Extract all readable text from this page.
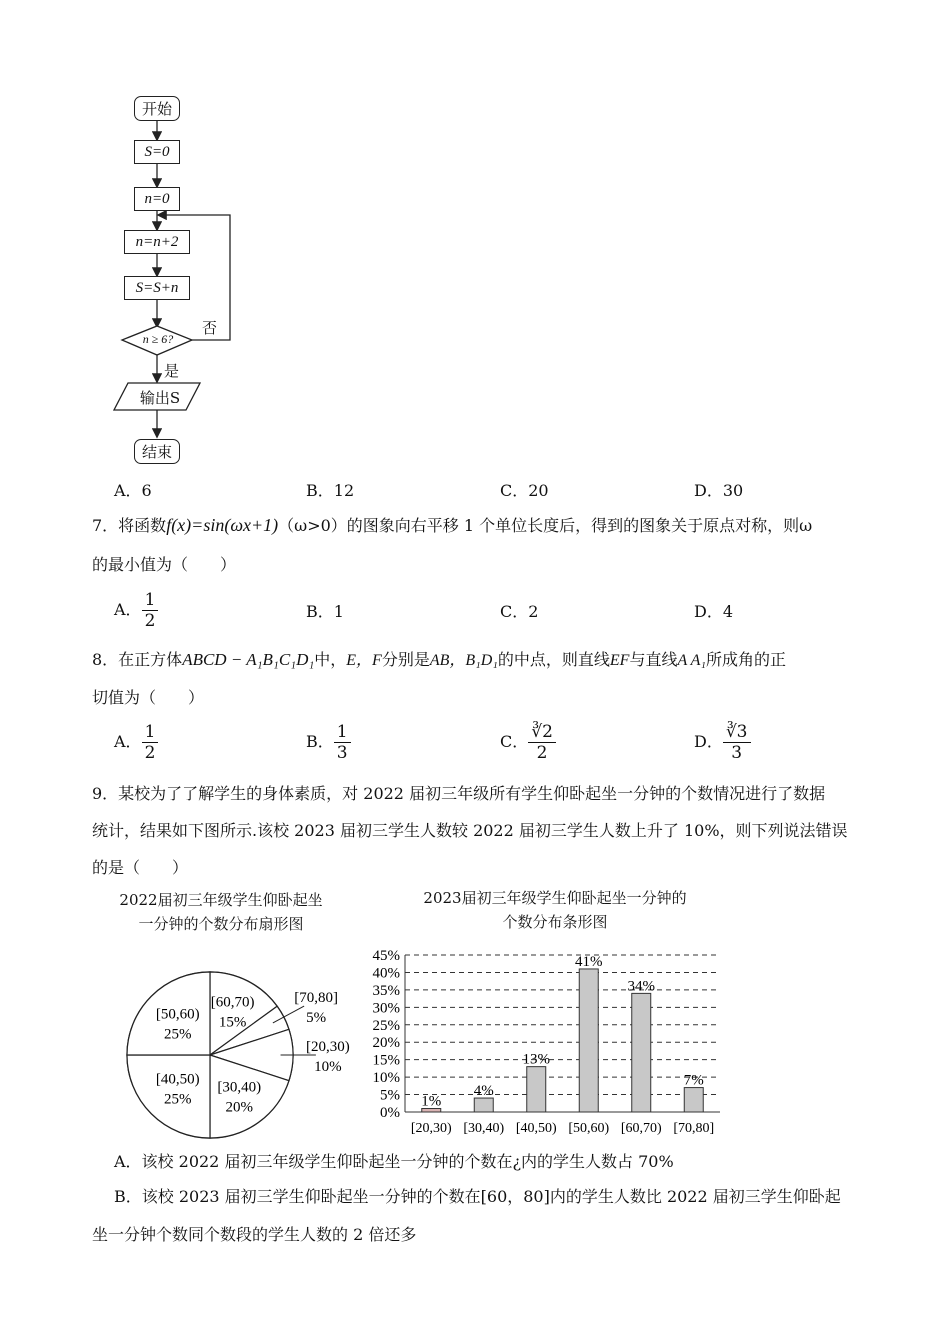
开始
S=0
n=0
n=n+2
S=S+n
n ≥ 6?
否
是
输出S
结束
A．6	B．12	C．20	D．30
7．将函数f(x)=sin(ωx+1)（ω>0）的图象向右平移 1 个单位长度后，得到的图象关于原点对称，则ω
的最小值为（　　）
A． $\frac{1}{2}$	B．1	C．2	D．4
8．在正方体ABCD − A₁B₁C₁D₁中，E，F分别是AB，B₁D₁的中点，则直线EF与直线A A₁所成角的正
切值为（　　）
A． $\frac{1}{2}$	B． $\frac{1}{3}$	C． $\frac{∛2}{2}$	D． $\frac{∛3}{3}$
9．某校为了了解学生的身体素质，对 2022 届初三年级所有学生仰卧起坐一分钟的个数情况进行了数据
统计，结果如下图所示.该校 2023 届初三学生人数较 2022 届初三学生人数上升了 10%，则下列说法错误
的是（　　）
2022届初三年级学生仰卧起坐
一分钟的个数分布扇形图
2023届初三年级学生仰卧起坐一分钟的
个数分布条形图
[60,70)
15%
[70,80]
5%
[20,30)
10%
[30,40)
20%
[40,50)
25%
[50,60)
25%
0%
5%
10%
15%
20%
25%
30%
35%
40%
45%
1%
[20,30)
4%
[30,40)
13%
[40,50)
41%
[50,60)
34%
[60,70)
7%
[70,80]
A．该校 2022 届初三年级学生仰卧起坐一分钟的个数在¿内的学生人数占 70%
B．该校 2023 届初三学生仰卧起坐一分钟的个数在[60，80]内的学生人数比 2022 届初三学生仰卧起
坐一分钟个数同个数段的学生人数的 2 倍还多
